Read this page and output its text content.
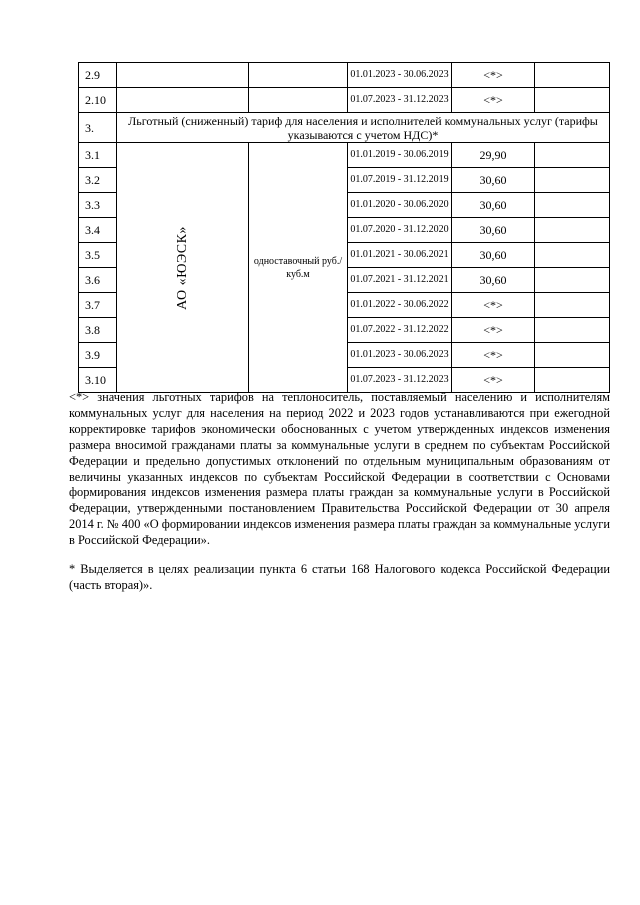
2.9			01.01.2023 - 30.06.2023	<*>	
2.10			01.07.2023 - 31.12.2023	<*>	
3.	Льготный (сниженный) тариф для населения и исполнителей коммунальных услуг (тарифы указываются с учетом НДС)*				
3.1	АО «ЮЭСК»	одноставочный руб./куб.м	01.01.2019 - 30.06.2019	29,90	
3.2			01.07.2019 - 31.12.2019	30,60	
3.3			01.01.2020 - 30.06.2020	30,60	
3.4			01.07.2020 - 31.12.2020	30,60	
3.5			01.01.2021 - 30.06.2021	30,60	
3.6			01.07.2021 - 31.12.2021	30,60	
3.7			01.01.2022 - 30.06.2022	<*>	
3.8			01.07.2022 - 31.12.2022	<*>	
3.9			01.01.2023 - 30.06.2023	<*>	
3.10			01.07.2023 - 31.12.2023	<*>	

<*> значения льготных тарифов на теплоноситель, поставляемый населению и исполнителям коммунальных услуг для населения на период 2022 и 2023 годов устанавливаются при ежегодной корректировке тарифов экономически обоснованных с учетом утвержденных индексов изменения размера вносимой гражданами платы за коммунальные услуги в среднем по субъектам Российской Федерации и предельно допустимых отклонений по отдельным муниципальным образованиям от величины указанных индексов по субъектам Российской Федерации в соответствии с Основами формирования индексов изменения размера платы граждан за коммунальные услуги в Российской Федерации, утвержденными постановлением Правительства Российской Федерации от 30 апреля 2014 г. № 400 «О формировании индексов изменения размера платы граждан за коммунальные услуги в Российской Федерации».

* Выделяется в целях реализации пункта 6 статьи 168 Налогового кодекса Российской Федерации (часть вторая)».
